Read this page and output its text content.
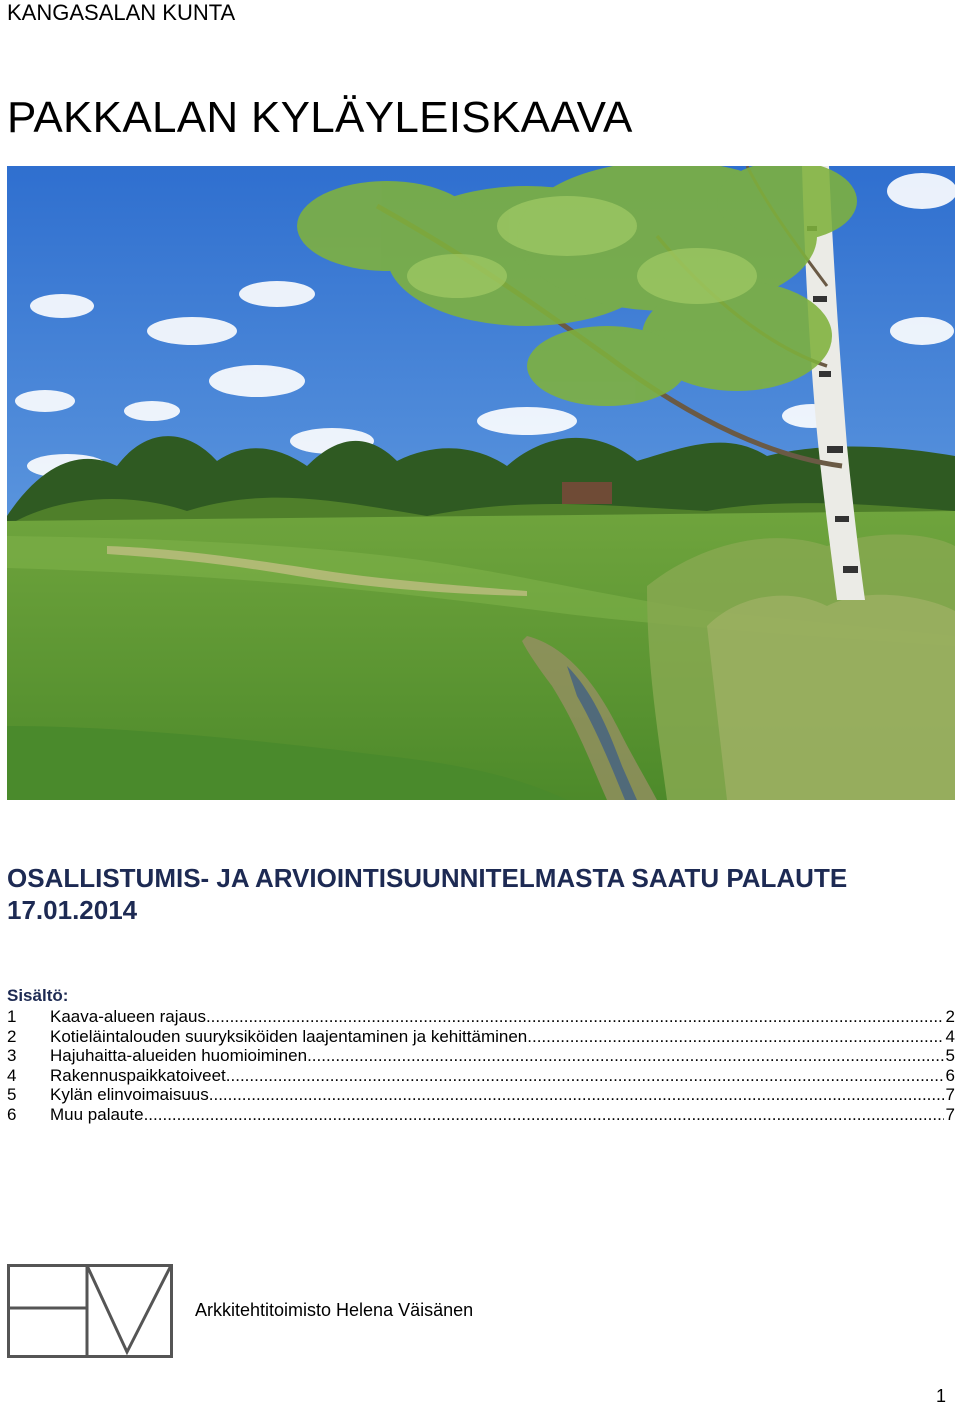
KANGASALAN KUNTA
PAKKALAN KYLÄYLEISKAAVA
OSALLISTUMIS- JA ARVIOINTISUUNNITELMASTA SAATU PALAUTE
17.01.2014
Sisältö:
1	Kaava-alueen rajaus .....	2
2	Kotieläintalouden suuryksiköiden laajentaminen ja kehittäminen .....	4
3	Hajuhaitta-alueiden huomioiminen .....	5
4	Rakennuspaikkatoiveet .....	6
5	Kylän elinvoimaisuus .....	7
6	Muu palaute .....	7
Arkkitehtitoimisto Helena Väisänen
1
